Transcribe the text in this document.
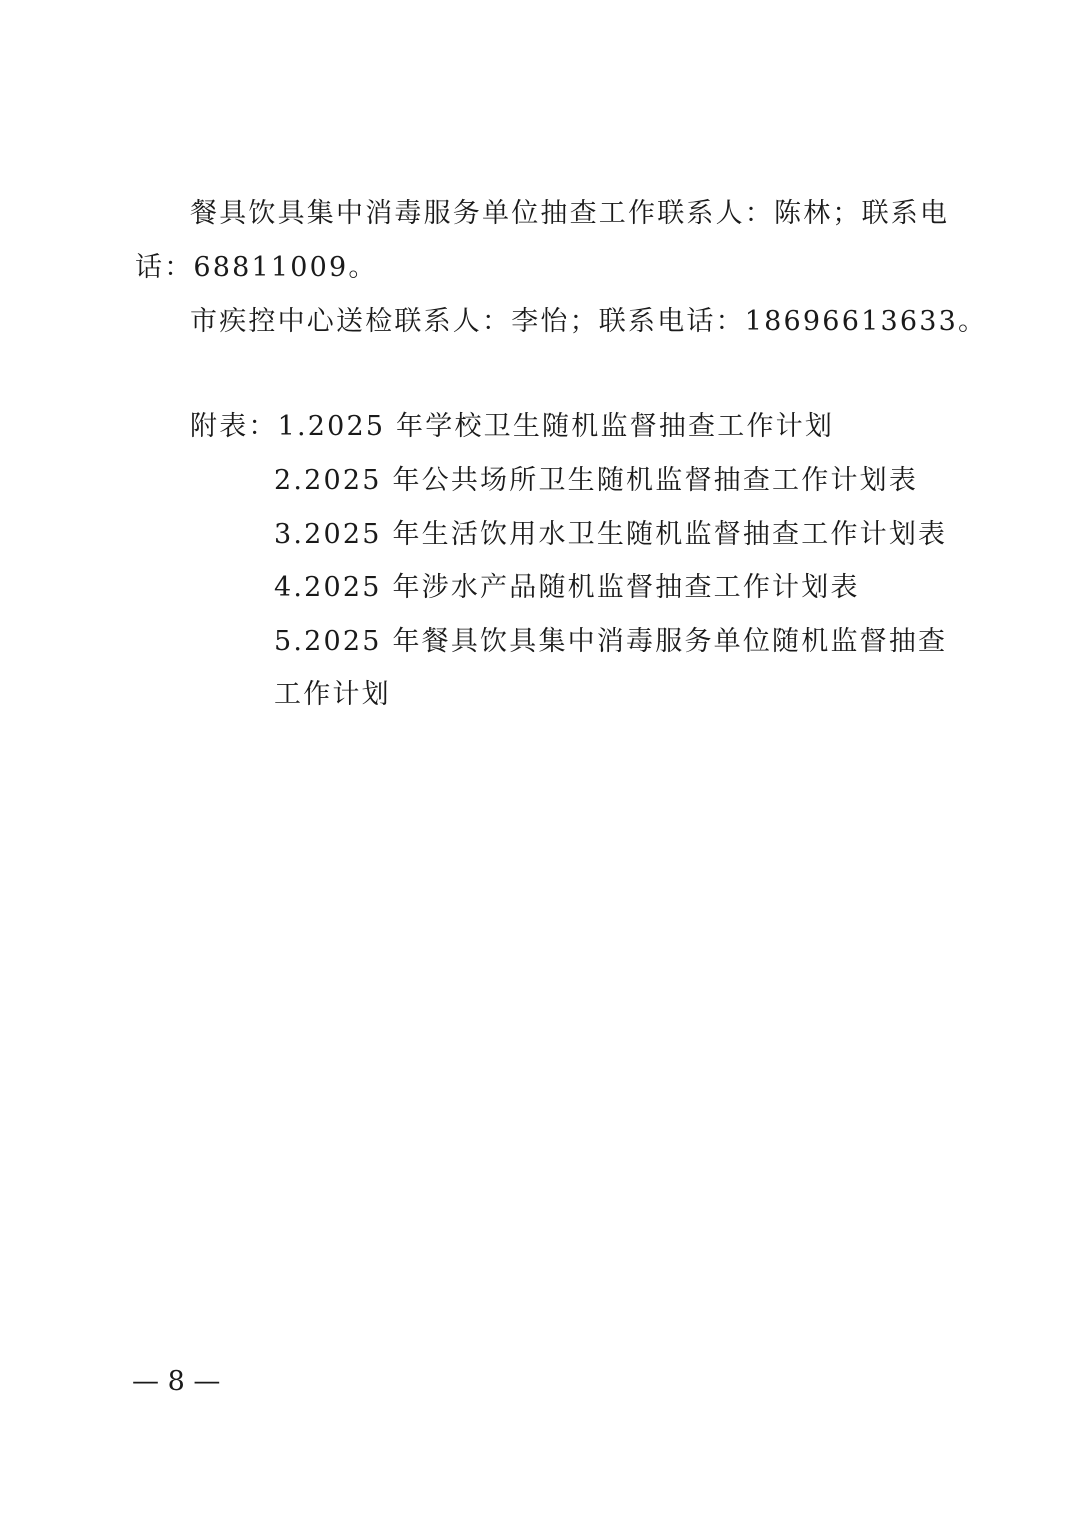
餐具饮具集中消毒服务单位抽查工作联系人：陈林；联系电
话：68811009。
市疾控中心送检联系人：李怡；联系电话：18696613633。
附表：1.2025 年学校卫生随机监督抽查工作计划
2.2025 年公共场所卫生随机监督抽查工作计划表
3.2025 年生活饮用水卫生随机监督抽查工作计划表
4.2025 年涉水产品随机监督抽查工作计划表
5.2025 年餐具饮具集中消毒服务单位随机监督抽查
工作计划
— 8 —
